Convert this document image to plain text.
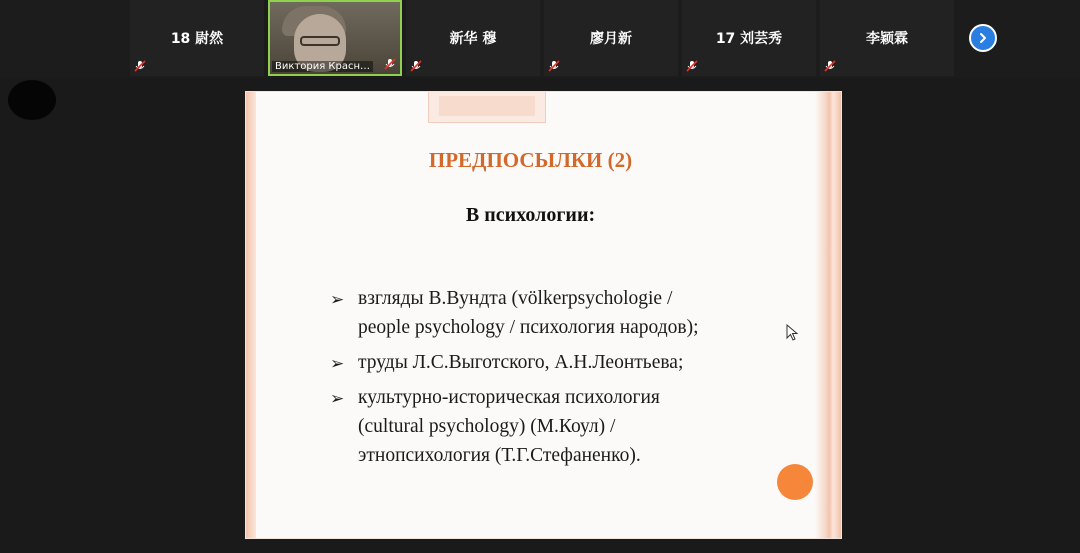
18 尉然
Виктория Красн…
新华 穆	廖月新	17 刘芸秀	李颖霖
ПРЕДПОСЫЛКИ (2)
В психологии:
➢ взгляды В.Вундта (völkerpsychologie /
people psychology / психология народов);
➢ труды Л.С.Выготского, А.Н.Леонтьева;
➢ культурно-историческая психология
(cultural psychology) (М.Коул) /
этнопсихология (Т.Г.Стефаненко).
